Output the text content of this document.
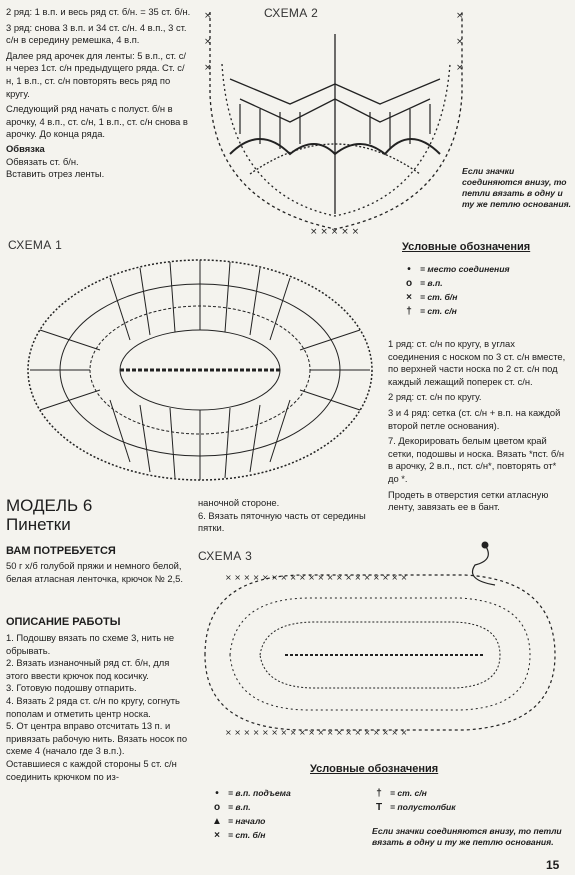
2 ряд: 1 в.п. и весь ряд ст. б/н. = 35 ст. б/н.

3 ряд: снова 3 в.п. и 34 ст. с/н. 4 в.п., 3 ст. с/н в середину ремешка, 4 в.п.

Далее ряд арочек для ленты: 5 в.п., ст. с/н через 1ст. с/н предыдущего ряда. Ст. с/н, 1 в.п., ст. с/н повторять весь ряд по кругу.

Следующий ряд начать с полуст. б/н в арочку, 4 в.п., ст. с/н, 1 в.п., ст. с/н снова в арочку. До конца ряда.

Обвязка

Обвязать ст. б/н.

Вставить отрез ленты.

СХЕМА 2
×	×
×	×
×	×
× × × × ×
Если значки соединяются внизу, то петли вязать в одну и ту же петлю основания.
СХЕМА 1	Условные обозначения
•	= место соединения
o = в.п.
× = ст. б/н
† = ст. с/н

1 ряд: ст. с/н по кругу, в углах соединения с носком по 3 ст. с/н вместе, по верхней части носка по 2 ст. с/н под каждый лежащий поперек ст. с/н.

2 ряд: ст. с/н по кругу.

3 и 4 ряд: сетка (ст. с/н + в.п. на каждой второй петле основания).

7. Декорировать белым цветом край сетки, подошвы и носка. Вязать *пст. б/н в арочку, 2 в.п., пст. с/н*, повторять от* до *.

Продеть в отверстия сетки атласную ленту, завязать ее в бант.

МОДЕЛЬ 6
Пинетки
ВАМ ПОТРЕБУЕТСЯ
50 г х/б голубой пряжи и немного белой, белая атласная ленточка, крючок № 2,5.
ОПИСАНИЕ РАБОТЫ

1. Подошву вязать по схеме 3, нить не обрывать.

2. Вязать изнаночный ряд ст. б/н, для этого ввести крючок под косичку.

3. Готовую подошву отпарить.

4. Вязать 2 ряда ст. с/н по кругу, согнуть пополам и отметить центр носка.

5. От центра вправо отсчитать 13 п. и привязать рабочую нить. Вязать носок по схеме 4 (начало где 3 в.п.).

Оставшиеся с каждой стороны 5 ст. с/н соединить крючком по из-

наночной стороне.

6. Вязать пяточную часть от середины пятки.

СХЕМА 3
× × × × × × × × × × × × × × × × × × × ×
× × × × × × × × × × × × × × × × × × × ×
Условные обозначения
•	= в.п. подъема
o = в.п.
▲ = начало
× = ст. б/н
† = ст. с/н
T = полустолбик
Если значки соединяются внизу, то петли вязать в одну и ту же петлю основания.
15
